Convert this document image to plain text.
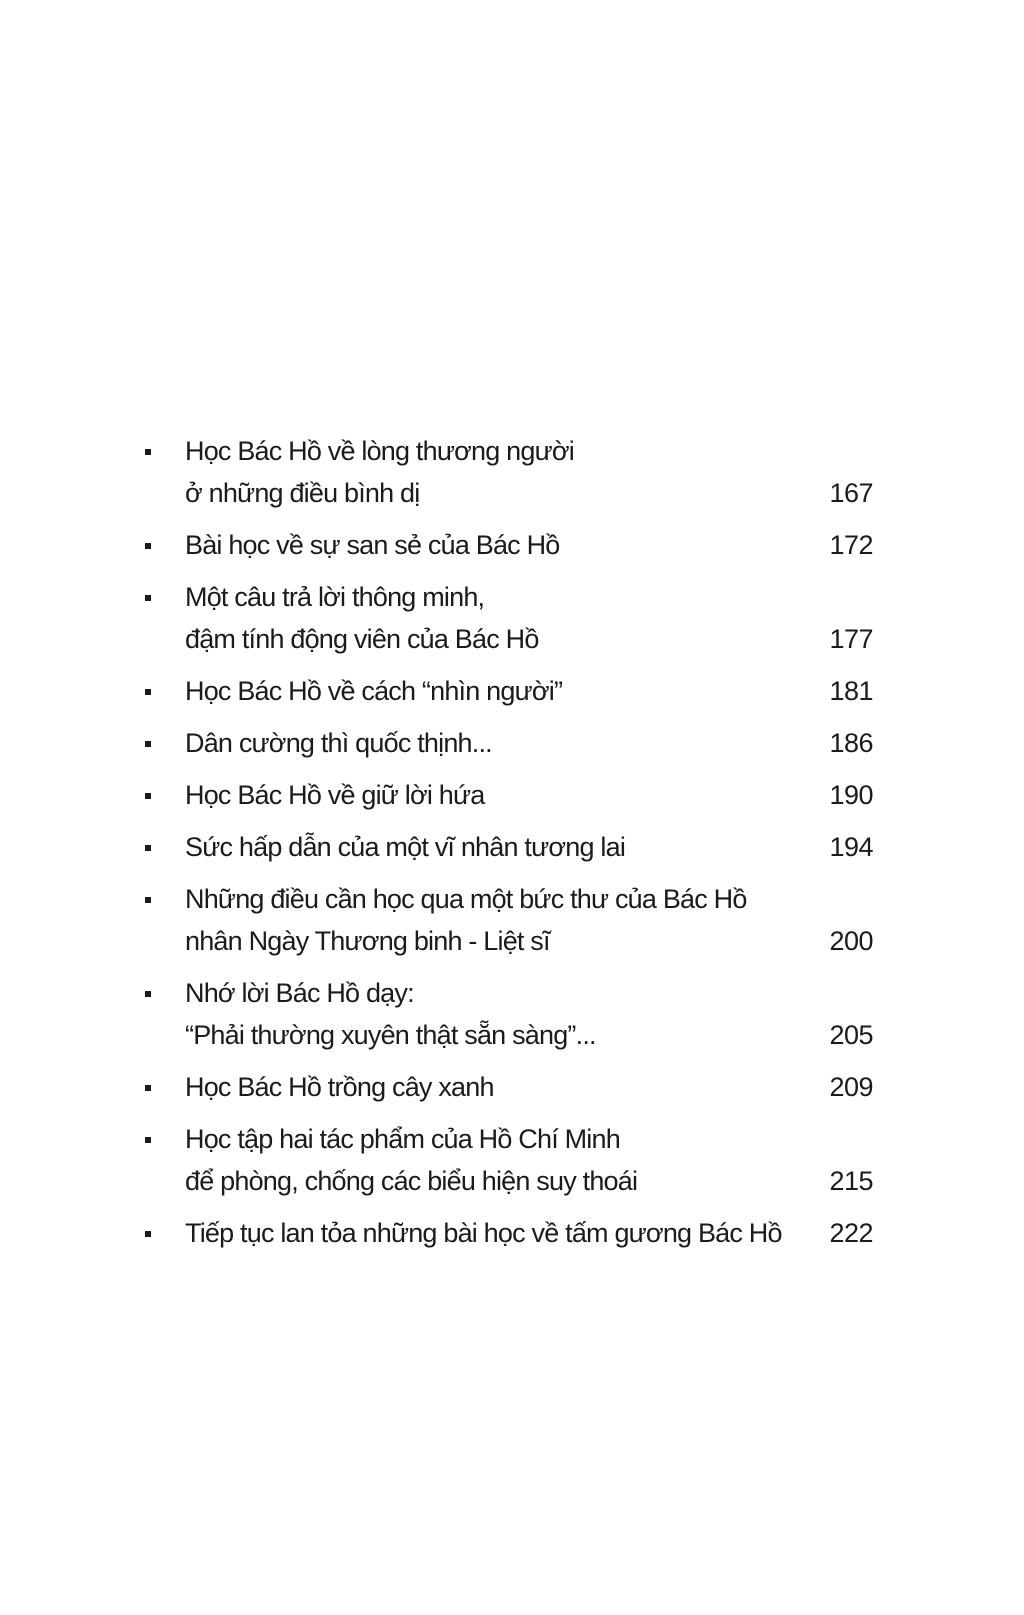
Học Bác Hồ về lòng thương người
ở những điều bình dị	167
Bài học về sự san sẻ của Bác Hồ	172
Một câu trả lời thông minh,
đậm tính động viên của Bác Hồ	177
Học Bác Hồ về cách “nhìn người”	181
Dân cường thì quốc thịnh...	186
Học Bác Hồ về giữ lời hứa	190
Sức hấp dẫn của một vĩ nhân tương lai	194
Những điều cần học qua một bức thư của Bác Hồ
nhân Ngày Thương binh - Liệt sĩ	200
Nhớ lời Bác Hồ dạy:
“Phải thường xuyên thật sẵn sàng”...	205
Học Bác Hồ trồng cây xanh	209
Học tập hai tác phẩm của Hồ Chí Minh
để phòng, chống các biểu hiện suy thoái	215
Tiếp tục lan tỏa những bài học về tấm gương Bác Hồ	222
